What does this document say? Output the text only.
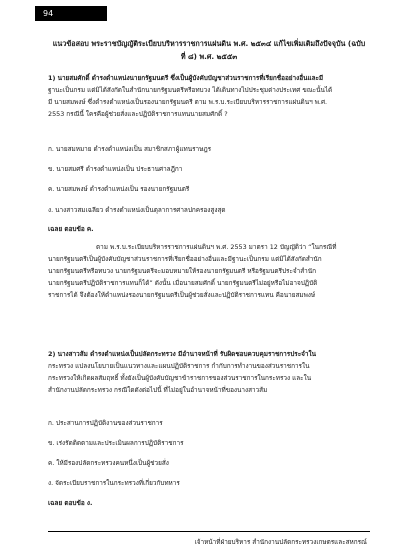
94
แนวข้อสอบ พระราชบัญญัติระเบียบบริหารราชการแผ่นดิน พ.ศ. ๒๕๓๔ แก้ไขเพิ่มเติมถึงปัจจุบัน (ฉบับ
ที่ ๘) พ.ศ. ๒๕๕๓
1) นายสมศักดิ์ ดำรงตำแหน่งนายกรัฐมนตรี ซึ่งเป็นผู้บังคับบัญชาส่วนราชการที่เรียกชื่ออย่างอื่นและมี
ฐานะเป็นกรม แต่มิได้สังกัดในสำนักนายกรัฐมนตรีหรือทบวง ได้เดินทางไปประชุมต่างประเทศ ขณะนั้นได้
มี นายสมพงษ์ ซึ่งดำรงตำแหน่งเป็นรองนายกรัฐมนตรี ตาม พ.ร.บ.ระเบียบบริหารราชการแผ่นดินฯ พ.ศ.
2553 กรณีนี้ ใครคือผู้ช่วยสั่งและปฏิบัติราชการแทนนายสมศักดิ์ ?
ก. นายสมหมาย ดำรงตำแหน่งเป็น สมาชิกสภาผู้แทนราษฎร
ข. นายสมศรี ดำรงตำแหน่งเป็น ประธานศาลฎีกา
ค. นายสมพงษ์ ดำรงตำแหน่งเป็น รองนายกรัฐมนตรี
ง. นางสาวสมเฉลียว ดำรงตำแหน่งเป็นตุลาการศาลปกครองสูงสุด
เฉลย ตอบข้อ ค.
ตาม พ.ร.บ.ระเบียบบริหารราชการแผ่นดินฯ พ.ศ. 2553 มาตรา 12 บัญญัติว่า “ในกรณีที่
นายกรัฐมนตรีเป็นผู้บังคับบัญชาส่วนราชการที่เรียกชื่ออย่างอื่นและมีฐานะเป็นกรม แต่มิได้สังกัดสำนัก
นายกรัฐมนตรีหรือทบวง นายกรัฐมนตรีจะมอบหมายให้รองนายกรัฐมนตรี หรือรัฐมนตรีประจำสำนัก
นายกรัฐมนตรีปฏิบัติราชการแทนก็ได้” ดังนั้น เมื่อนายสมศักดิ์ นายกรัฐมนตรีไม่อยู่หรือไม่อาจปฏิบัติ
ราชการได้ จึงต้องให้ตำแหน่งรองนายกรัฐมนตรีเป็นผู้ช่วยสั่งและปฏิบัติราชการแทน คือนายสมพงษ์
2) นางสาวส้ม ดำรงตำแหน่งเป็นปลัดกระทรวง มีอำนาจหน้าที่ รับผิดชอบควบคุมราชการประจำใน
กระทรวง แปลงนโยบายเป็นแนวทางและแผนปฏิบัติราชการ กำกับการทำงานของส่วนราชการใน
กระทรวงให้เกิดผลสัมฤทธิ์ ทั้งยังเป็นผู้บังคับบัญชาข้าราชการของส่วนราชการในกระทรวง และใน
สำนักงานปลัดกระทรวง กรณีใดดังต่อไปนี้ ที่ไม่อยู่ในอำนาจหน้าที่ของนางสาวส้ม
ก. ประสานการปฏิบัติงานของส่วนราชการ
ข. เร่งรัดติดตามและประเมินผลการปฏิบัติราชการ
ค. ให้มีรองปลัดกระทรวงคนหนึ่งเป็นผู้ช่วยสั่ง
ง. จัดระเบียบราชการในกระทรวงที่เกี่ยวกับทหาร
เฉลย ตอบข้อ ง.
เจ้าหน้าที่ฝ่ายบริหาร สำนักงานปลัดกระทรวงเกษตรและสหกรณ์
